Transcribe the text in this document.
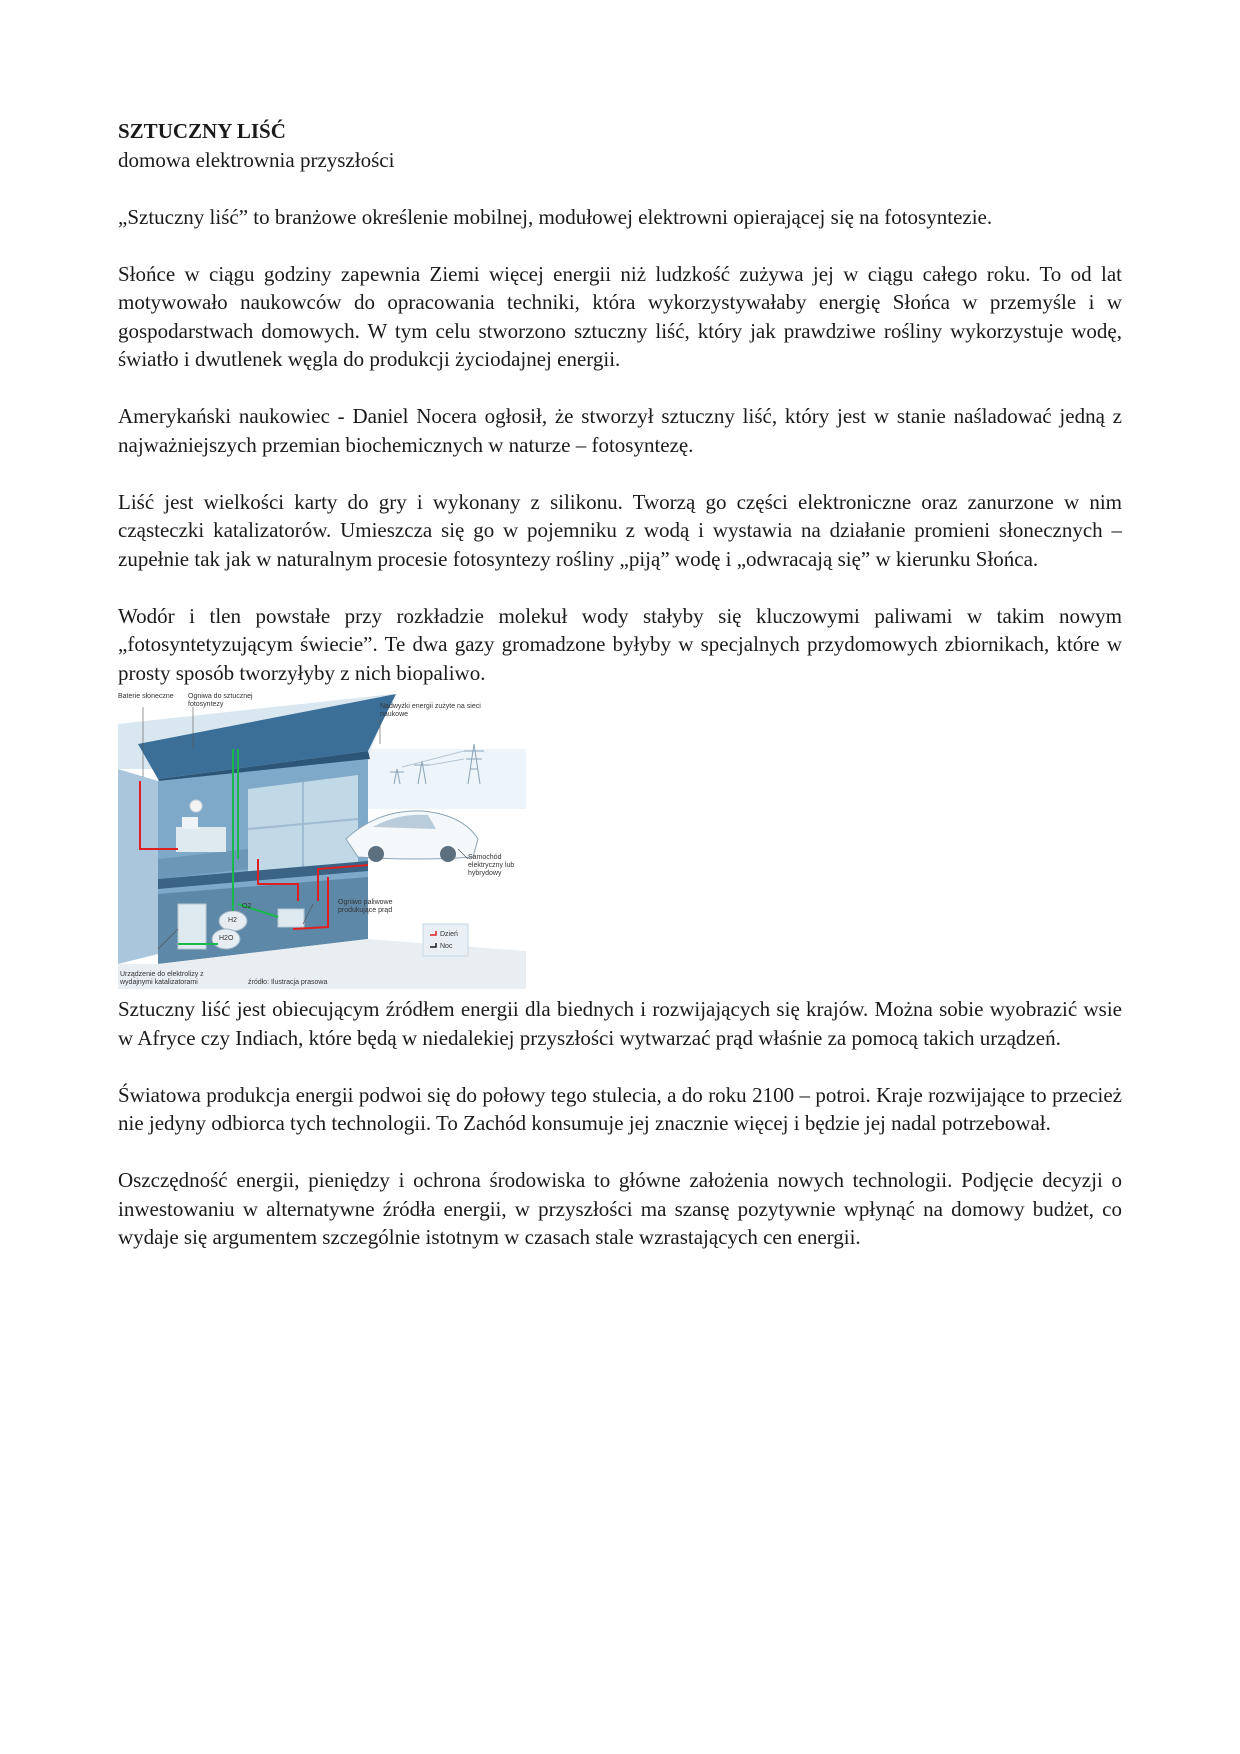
SZTUCZNY LIŚĆ

domowa elektrownia przyszłości

„Sztuczny liść” to branżowe określenie mobilnej, modułowej elektrowni opierającej się na fotosyntezie.

Słońce w ciągu godziny zapewnia Ziemi więcej energii niż ludzkość zużywa jej w ciągu całego roku. To od lat motywowało naukowców do opracowania techniki, która wykorzystywałaby energię Słońca w przemyśle i w gospodarstwach domowych. W tym celu stworzono sztuczny liść, który jak prawdziwe rośliny wykorzystuje wodę, światło i dwutlenek węgla do produkcji życiodajnej energii.

Amerykański naukowiec - Daniel Nocera ogłosił, że stworzył sztuczny liść, który jest w stanie naśladować jedną z najważniejszych przemian biochemicznych w naturze – fotosyntezę.

Liść jest wielkości karty do gry i wykonany z silikonu. Tworzą go części elektroniczne oraz zanurzone w nim cząsteczki katalizatorów. Umieszcza się go w pojemniku z wodą i wystawia na działanie promieni słonecznych – zupełnie tak jak w naturalnym procesie fotosyntezy rośliny „piją” wodę i „odwracają się” w kierunku Słońca.

Wodór i tlen powstałe przy rozkładzie molekuł wody stałyby się kluczowymi paliwami w takim nowym „fotosyntetyzującym świecie”. Te dwa gazy gromadzone byłyby w specjalnych przydomowych zbiornikach, które w prosty sposób tworzyłyby z nich biopaliwo.

Baterie słoneczne	Ogniwa do sztucznej fotosyntezy	Nadwyżki energii zużyte na sieci naukowe
Samochód elektryczny lub hybrydowy
Ogniwo paliwowe produkujące prąd
Urządzenie do elektrolizy z wydajnymi katalizatorami
H2
O2
H2O
Dzień
Noc
źródło: Ilustracja prasowa

Sztuczny liść jest obiecującym źródłem energii dla biednych i rozwijających się krajów. Można sobie wyobrazić wsie w Afryce czy Indiach, które będą w niedalekiej przyszłości wytwarzać prąd właśnie za pomocą takich urządzeń.

Światowa produkcja energii podwoi się do połowy tego stulecia, a do roku 2100 – potroi. Kraje rozwijające to przecież nie jedyny odbiorca tych technologii. To Zachód konsumuje jej znacznie więcej i będzie jej nadal potrzebował.

Oszczędność energii, pieniędzy i ochrona środowiska to główne założenia nowych technologii. Podjęcie decyzji o inwestowaniu w alternatywne źródła energii, w przyszłości ma szansę pozytywnie wpłynąć na domowy budżet, co wydaje się argumentem szczególnie istotnym w czasach stale wzrastających cen energii.
